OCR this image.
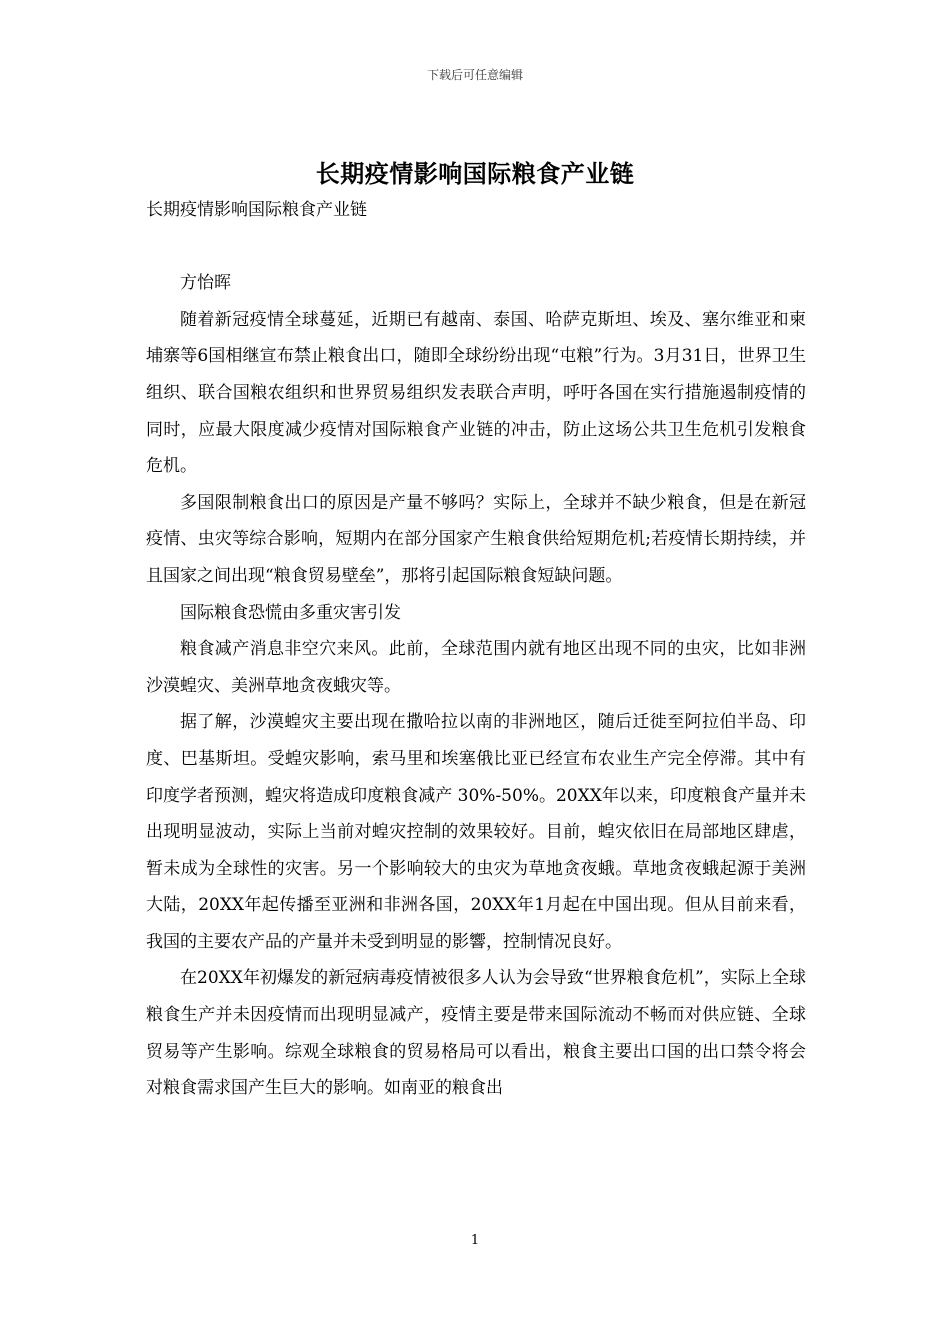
下载后可任意编辑
长期疫情影响国际粮食产业链

长期疫情影响国际粮食产业链

方怡晖

随着新冠疫情全球蔓延，近期已有越南、泰国、哈萨克斯坦、埃及、塞尔维亚和柬埔寨等6国相继宣布禁止粮食出口，随即全球纷纷出现“屯粮”行为。3月31日，世界卫生组织、联合国粮农组织和世界贸易组织发表联合声明，呼吁各国在实行措施遏制疫情的同时，应最大限度减少疫情对国际粮食产业链的冲击，防止这场公共卫生危机引发粮食危机。

多国限制粮食出口的原因是产量不够吗？实际上，全球并不缺少粮食，但是在新冠疫情、虫灾等综合影响，短期内在部分国家产生粮食供给短期危机;若疫情长期持续，并且国家之间出现“粮食贸易壁垒”，那将引起国际粮食短缺问题。

国际粮食恐慌由多重灾害引发

粮食减产消息非空穴来风。此前，全球范围内就有地区出现不同的虫灾，比如非洲沙漠蝗灾、美洲草地贪夜蛾灾等。

据了解，沙漠蝗灾主要出现在撒哈拉以南的非洲地区，随后迁徙至阿拉伯半岛、印度、巴基斯坦。受蝗灾影响，索马里和埃塞俄比亚已经宣布农业生产完全停滞。其中有印度学者预测，蝗灾将造成印度粮食减产 30%-50%。20XX年以来，印度粮食产量并未出现明显波动，实际上当前对蝗灾控制的效果较好。目前，蝗灾依旧在局部地区肆虐，暂未成为全球性的灾害。另一个影响较大的虫灾为草地贪夜蛾。草地贪夜蛾起源于美洲大陆，20XX年起传播至亚洲和非洲各国，20XX年1月起在中国出现。但从目前来看，我国的主要农产品的产量并未受到明显的影響，控制情况良好。

在20XX年初爆发的新冠病毒疫情被很多人认为会导致“世界粮食危机”，实际上全球粮食生产并未因疫情而出现明显减产，疫情主要是带来国际流动不畅而对供应链、全球贸易等产生影响。综观全球粮食的贸易格局可以看出，粮食主要出口国的出口禁令将会对粮食需求国产生巨大的影响。如南亚的粮食出

1
